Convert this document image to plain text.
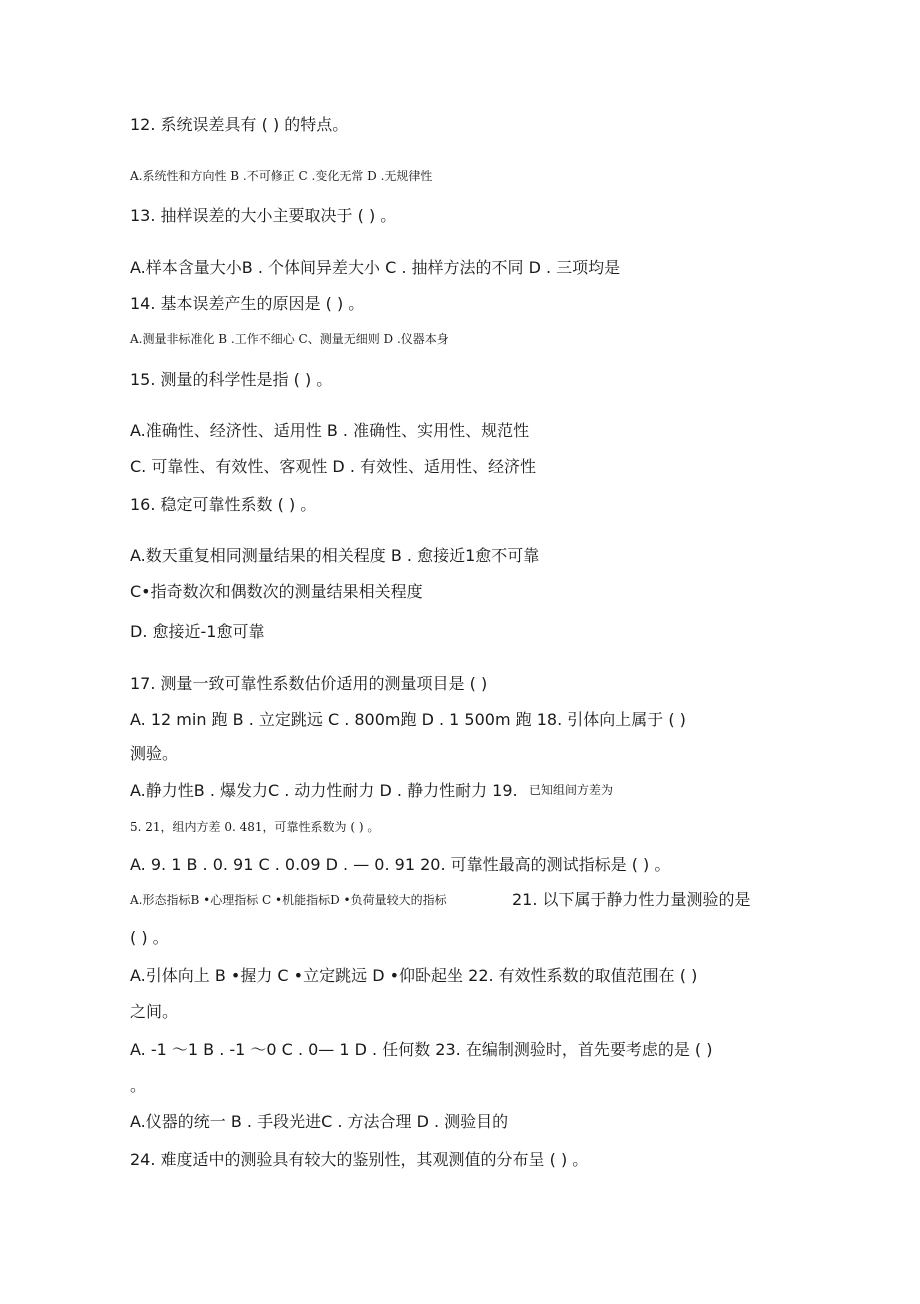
12. 系统误差具有 ( ) 的特点。
A.系统性和方向性 B .不可修正 C .变化无常 D .无规律性
13. 抽样误差的大小主要取决于 ( ) 。
A.样本含量大小B . 个体间异差大小 C . 抽样方法的不同 D . 三项均是
14. 基本误差产生的原因是 ( ) 。
A.测量非标准化 B .工作不细心 C、测量无细则 D .仪器本身
15. 测量的科学性是指 ( ) 。
A.准确性、经济性、适用性 B . 准确性、实用性、规范性
C. 可靠性、有效性、客观性 D . 有效性、适用性、经济性
16. 稳定可靠性系数 ( ) 。
A.数天重复相同测量结果的相关程度 B . 愈接近1愈不可靠
C•指奇数次和偶数次的测量结果相关程度
D. 愈接近-1愈可靠
17. 测量一致可靠性系数估价适用的测量项目是 ( )
A. 12 min 跑 B . 立定跳远 C . 800m跑 D . 1 500m 跑 18. 引体向上属于 ( )
测验。
A.静力性B . 爆发力C . 动力性耐力 D . 静力性耐力 19. 已知组间方差为
5. 21，组内方差 0. 481，可靠性系数为 ( ) 。
A. 9. 1 B . 0. 91 C . 0.09 D . — 0. 91 20. 可靠性最高的测试指标是 ( ) 。
A.形态指标B •心理指标 C •机能指标D •负荷量较大的指标	21. 以下属于静力性力量测验的是
( ) 。
A.引体向上 B •握力 C •立定跳远 D •仰卧起坐 22. 有效性系数的取值范围在 ( )
之间。
A. -1 〜1 B . -1 〜0 C . 0— 1 D . 任何数 23. 在编制测验时，首先要考虑的是 ( )
。
A.仪器的统一 B . 手段光进C . 方法合理 D . 测验目的
24. 难度适中的测验具有较大的鉴别性，其观测值的分布呈 ( ) 。
